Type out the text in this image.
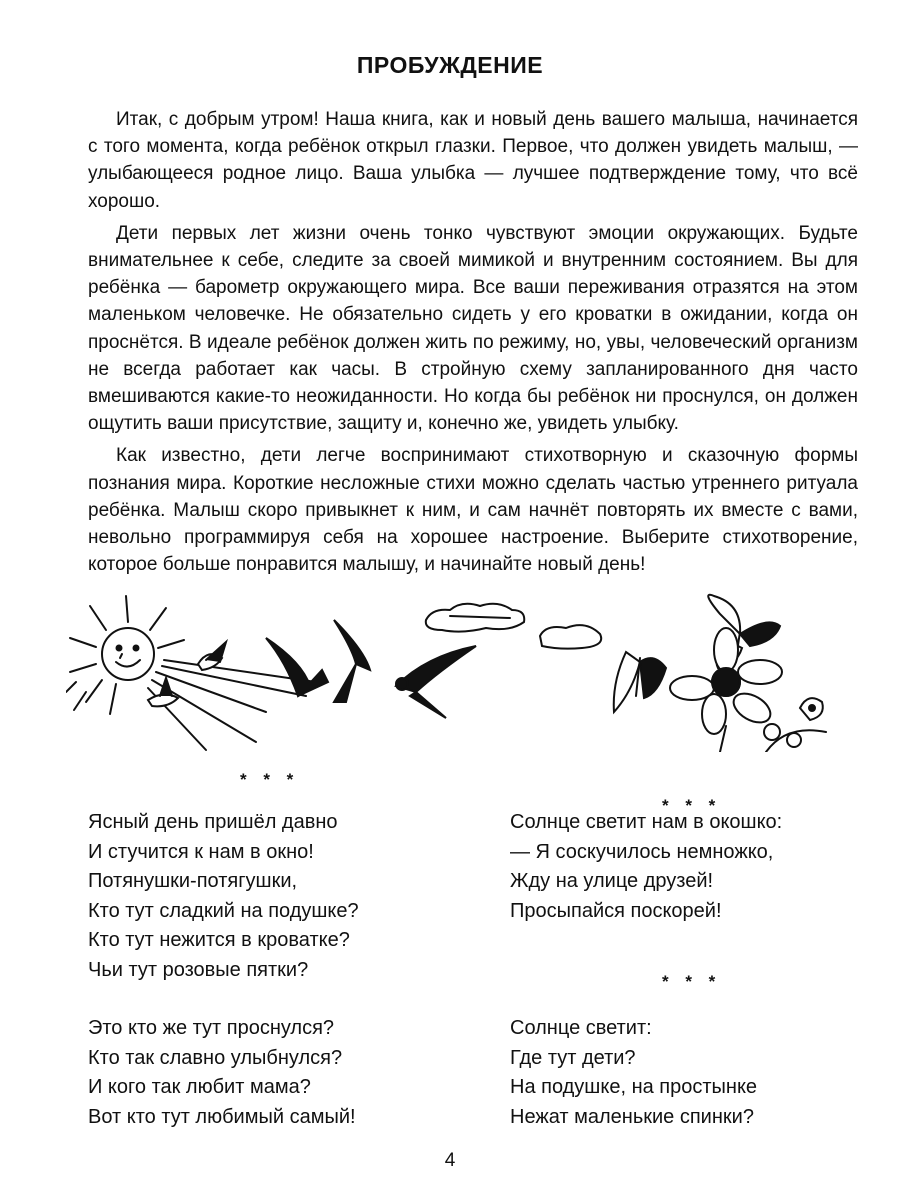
ПРОБУЖДЕНИЕ

Итак, с добрым утром! Наша книга, как и новый день вашего малыша, начинается с того момента, когда ребёнок открыл глазки. Первое, что должен увидеть малыш, — улыбающееся родное лицо. Ваша улыбка — лучшее подтверждение тому, что всё хорошо.

Дети первых лет жизни очень тонко чувствуют эмоции окружающих. Будьте внимательнее к себе, следите за своей мимикой и внутренним состоянием. Вы для ребёнка — барометр окружающего мира. Все ваши переживания отразятся на этом маленьком человечке. Не обязательно сидеть у его кроватки в ожидании, когда он проснётся. В идеале ребёнок должен жить по режиму, но, увы, человеческий организм не всегда работает как часы. В стройную схему запланированного дня часто вмешиваются какие-то неожиданности. Но когда бы ребёнок ни проснулся, он должен ощутить ваши присутствие, защиту и, конечно же, увидеть улыбку.

Как известно, дети легче воспринимают стихотворную и сказочную формы познания мира. Короткие несложные стихи можно сделать частью утреннего ритуала ребёнка. Малыш скоро привыкнет к ним, и сам начнёт повторять их вместе с вами, невольно программируя себя на хорошее настроение. Выберите стихотворение, которое больше понравится малышу, и начинайте новый день!

* * *
Ясный день пришёл давно
И стучится к нам в окно!
Потянушки-потягушки,
Кто тут сладкий на подушке?
Кто тут нежится в кроватке?
Чьи тут розовые пятки?
Это кто же тут проснулся?
Кто так славно улыбнулся?
И кого так любит мама?
Вот кто тут любимый самый!
* * *
Солнце светит нам в окошко:
— Я соскучилось немножко,
Жду на улице друзей!
Просыпайся поскорей!
* * *
Солнце светит:
Где тут дети?
На подушке, на простынке
Нежат маленькие спинки?
4
